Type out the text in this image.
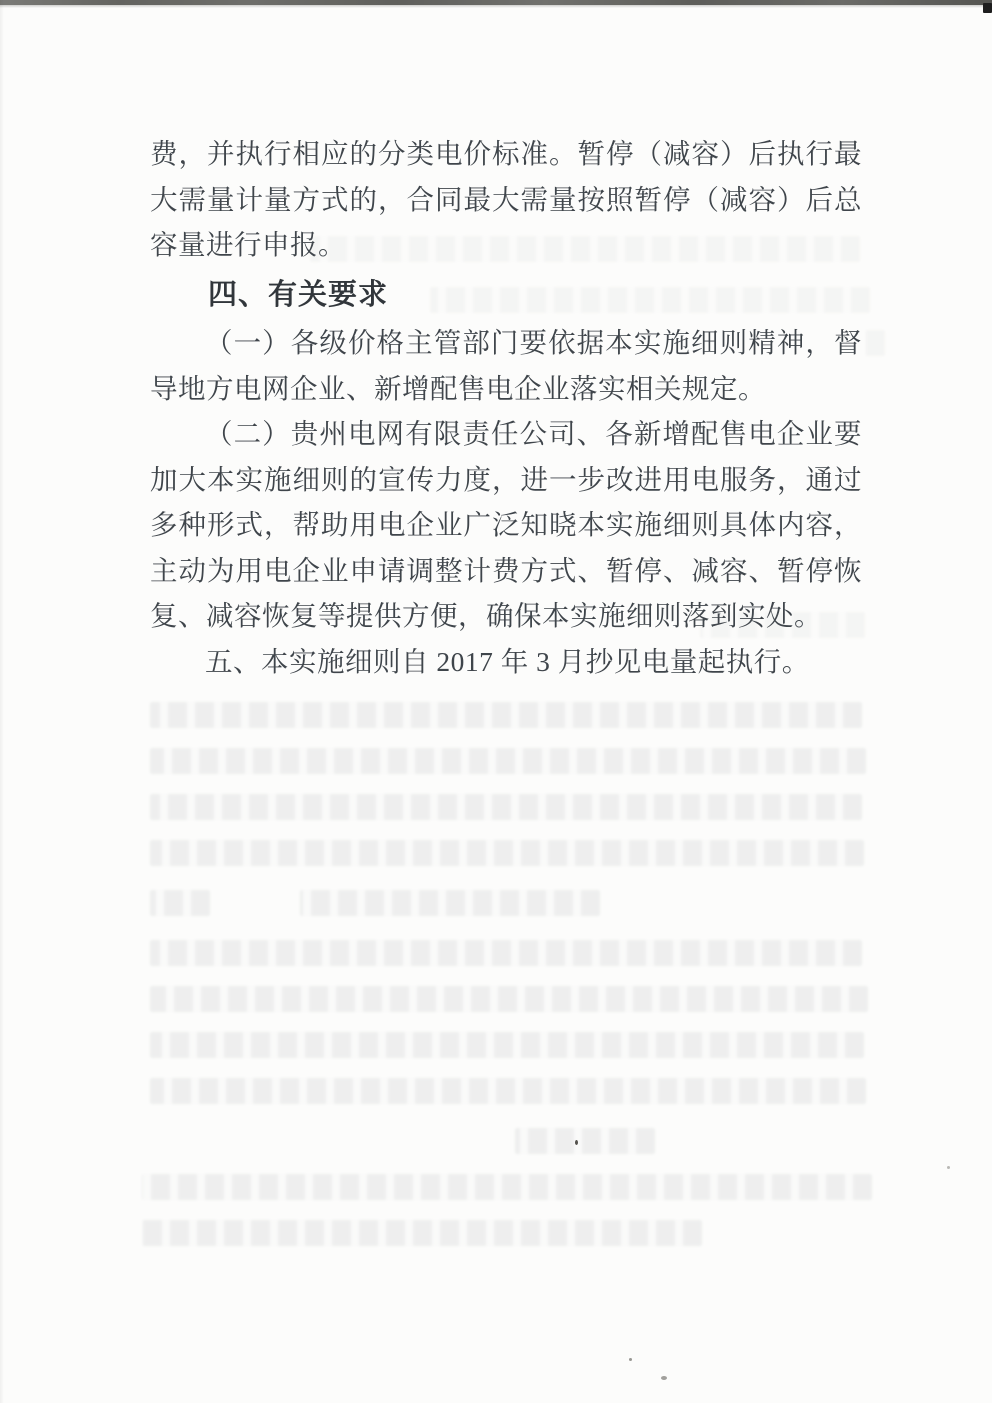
费，并执行相应的分类电价标准。暂停（减容）后执行最大需量计量方式的，合同最大需量按照暂停（减容）后总容量进行申报。

四、有关要求

（一）各级价格主管部门要依据本实施细则精神，督导地方电网企业、新增配售电企业落实相关规定。

（二）贵州电网有限责任公司、各新增配售电企业要加大本实施细则的宣传力度，进一步改进用电服务，通过多种形式，帮助用电企业广泛知晓本实施细则具体内容，主动为用电企业申请调整计费方式、暂停、减容、暂停恢复、减容恢复等提供方便，确保本实施细则落到实处。

五、本实施细则自 2017 年 3 月抄见电量起执行。
